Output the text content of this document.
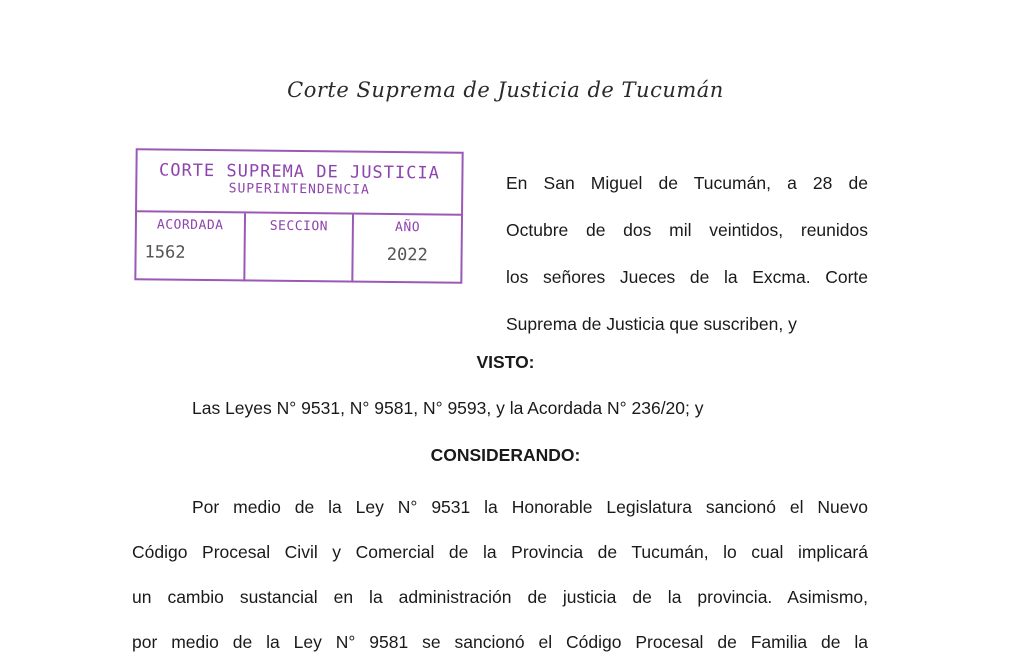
Corte Suprema de Justicia de Tucumán
CORTE SUPREMA DE JUSTICIA
SUPERINTENDENCIA
ACORDADA
1562
SECCION	AÑO
2022
En San Miguel de Tucumán, a 28 de
Octubre de dos mil veintidos, reunidos
los señores Jueces de la Excma. Corte
Suprema de Justicia que suscriben, y
VISTO:
Las Leyes N° 9531, N° 9581, N° 9593, y la Acordada N° 236/20; y
CONSIDERANDO:
Por medio de la Ley N° 9531 la Honorable Legislatura sancionó el Nuevo
Código Procesal Civil y Comercial de la Provincia de Tucumán, lo cual implicará
un cambio sustancial en la administración de justicia de la provincia. Asimismo,
por medio de la Ley N° 9581 se sancionó el Código Procesal de Familia de la
